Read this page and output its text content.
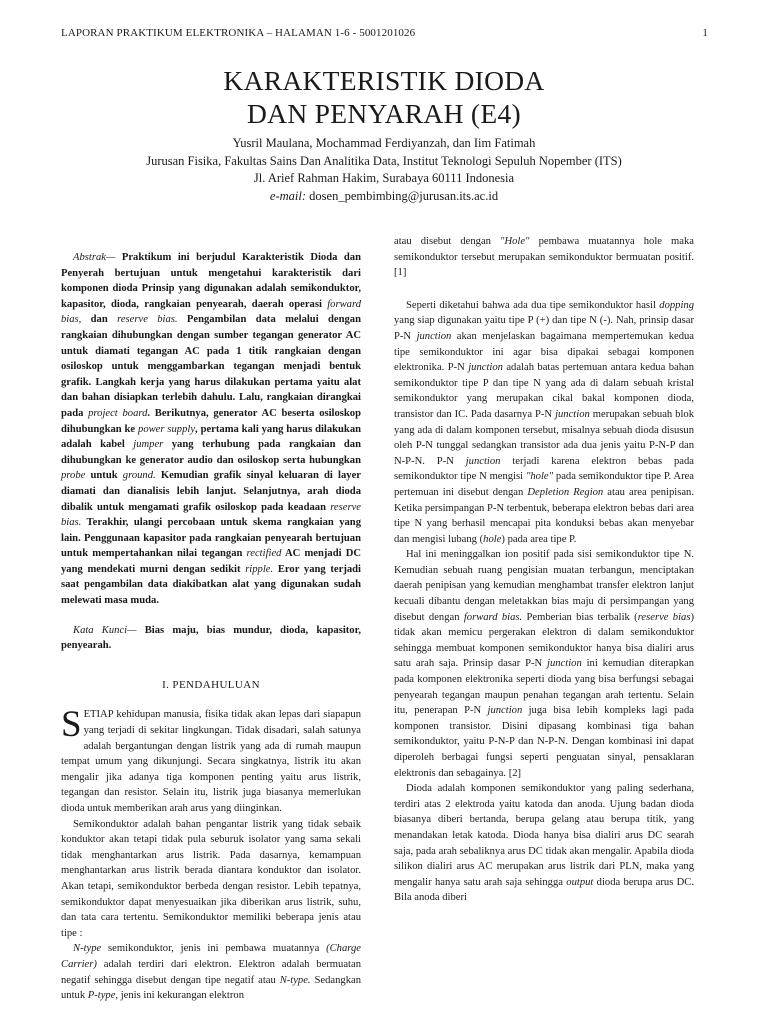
LAPORAN PRAKTIKUM ELEKTRONIKA – HALAMAN 1-6 - 5001201026	1
KARAKTERISTIK DIODA
DAN PENYARAH (E4)
Yusril Maulana, Mochammad Ferdiyanzah, dan Iim Fatimah
Jurusan Fisika, Fakultas Sains Dan Analitika Data, Institut Teknologi Sepuluh Nopember (ITS)
Jl. Arief Rahman Hakim, Surabaya 60111 Indonesia
e-mail: dosen_pembimbing@jurusan.its.ac.id

Abstrak— Praktikum ini berjudul Karakteristik Dioda dan Penyerah bertujuan untuk mengetahui karakteristik dari komponen dioda Prinsip yang digunakan adalah semikonduktor, kapasitor, dioda, rangkaian penyearah, daerah operasi forward bias, dan reserve bias. Pengambilan data melalui dengan rangkaian dihubungkan dengan sumber tegangan generator AC untuk diamati tegangan AC pada 1 titik rangkaian dengan osiloskop untuk menggambarkan tegangan menjadi bentuk grafik. Langkah kerja yang harus dilakukan pertama yaitu alat dan bahan disiapkan terlebih dahulu. Lalu, rangkaian dirangkai pada project board. Berikutnya, generator AC beserta osiloskop dihubungkan ke power supply, pertama kali yang harus dilakukan adalah kabel jumper yang terhubung pada rangkaian dan dihubungkan ke generator audio dan osiloskop serta hubungkan probe untuk ground. Kemudian grafik sinyal keluaran di layer diamati dan dianalisis lebih lanjut. Selanjutnya, arah dioda dibalik untuk mengamati grafik osiloskop pada keadaan reserve bias. Terakhir, ulangi percobaan untuk skema rangkaian yang lain. Penggunaan kapasitor pada rangkaian penyearah bertujuan untuk mempertahankan nilai tegangan rectified AC menjadi DC yang mendekati murni dengan sedikit ripple. Eror yang terjadi saat pengambilan data diakibatkan alat yang digunakan sudah melewati masa muda.

Kata Kunci— Bias maju, bias mundur, dioda, kapasitor, penyearah.

I. PENDAHULUAN

SETIAP kehidupan manusia, fisika tidak akan lepas dari siapapun yang terjadi di sekitar lingkungan. Tidak disadari, salah satunya adalah bergantungan dengan listrik yang ada di rumah maupun tempat umum yang dikunjungi. Secara singkatnya, listrik itu akan mengalir jika adanya tiga komponen penting yaitu arus listrik, tegangan dan resistor. Selain itu, listrik juga biasanya memerlukan dioda untuk memberikan arah arus yang diinginkan.

Semikonduktor adalah bahan pengantar listrik yang tidak sebaik konduktor akan tetapi tidak pula seburuk isolator yang sama sekali tidak menghantarkan arus listrik. Pada dasarnya, kemampuan menghantarkan arus listrik berada diantara konduktor dan isolator. Akan tetapi, semikonduktor berbeda dengan resistor. Lebih tepatnya, semikonduktor dapat menyesuaikan jika diberikan arus listrik, suhu, dan tata cara tertentu. Semikonduktor memiliki beberapa jenis atau tipe :

N-type semikonduktor, jenis ini pembawa muatannya (Charge Carrier) adalah terdiri dari elektron. Elektron adalah bermuatan negatif sehingga disebut dengan tipe negatif atau N-type. Sedangkan untuk P-type, jenis ini kekurangan elektron

atau disebut dengan "Hole" pembawa muatannya hole maka semikonduktor tersebut merupakan semikonduktor bermuatan positif. [1]

Seperti diketahui bahwa ada dua tipe semikonduktor hasil dopping yang siap digunakan yaitu tipe P (+) dan tipe N (-). Nah, prinsip dasar P-N junction akan menjelaskan bagaimana mempertemukan kedua tipe semikonduktor ini agar bisa dipakai sebagai komponen elektronika. P-N junction adalah batas pertemuan antara kedua bahan semikonduktor tipe P dan tipe N yang ada di dalam sebuah kristal semikonduktor yang merupakan cikal bakal komponen dioda, transistor dan IC. Pada dasarnya P-N junction merupakan sebuah blok yang ada di dalam komponen tersebut, misalnya sebuah dioda disusun oleh P-N tunggal sedangkan transistor ada dua jenis yaitu P-N-P dan N-P-N. P-N junction terjadi karena elektron bebas pada semikonduktor tipe N mengisi "hole" pada semikonduktor tipe P. Area pertemuan ini disebut dengan Depletion Region atau area penipisan. Ketika persimpangan P-N terbentuk, beberapa elektron bebas dari area tipe N yang berhasil mencapai pita konduksi bebas akan menyebar dan mengisi lubang (hole) pada area tipe P.

Hal ini meninggalkan ion positif pada sisi semikonduktor tipe N. Kemudian sebuah ruang pengisian muatan terbangun, menciptakan daerah penipisan yang kemudian menghambat transfer elektron lanjut kecuali dibantu dengan meletakkan bias maju di persimpangan yang disebut dengan forward bias. Pemberian bias terbalik (reserve bias) tidak akan memicu pergerakan elektron di dalam semikonduktor sehingga membuat komponen semikonduktor hanya bisa dialiri arus satu arah saja. Prinsip dasar P-N junction ini kemudian diterapkan pada komponen elektronika seperti dioda yang bisa berfungsi sebagai penyearah tegangan maupun penahan tegangan arah tertentu. Selain itu, penerapan P-N junction juga bisa lebih kompleks lagi pada komponen transistor. Disini dipasang kombinasi tiga bahan semikonduktor, yaitu P-N-P dan N-P-N. Dengan kombinasi ini dapat diperoleh berbagai fungsi seperti penguatan sinyal, pensaklaran elektronis dan sebagainya. [2]

Dioda adalah komponen semikonduktor yang paling sederhana, terdiri atas 2 elektroda yaitu katoda dan anoda. Ujung badan dioda biasanya diberi bertanda, berupa gelang atau berupa titik, yang menandakan letak katoda. Dioda hanya bisa dialiri arus DC searah saja, pada arah sebaliknya arus DC tidak akan mengalir. Apabila dioda silikon dialiri arus AC merupakan arus listrik dari PLN, maka yang mengalir hanya satu arah saja sehingga output dioda berupa arus DC. Bila anoda diberi
